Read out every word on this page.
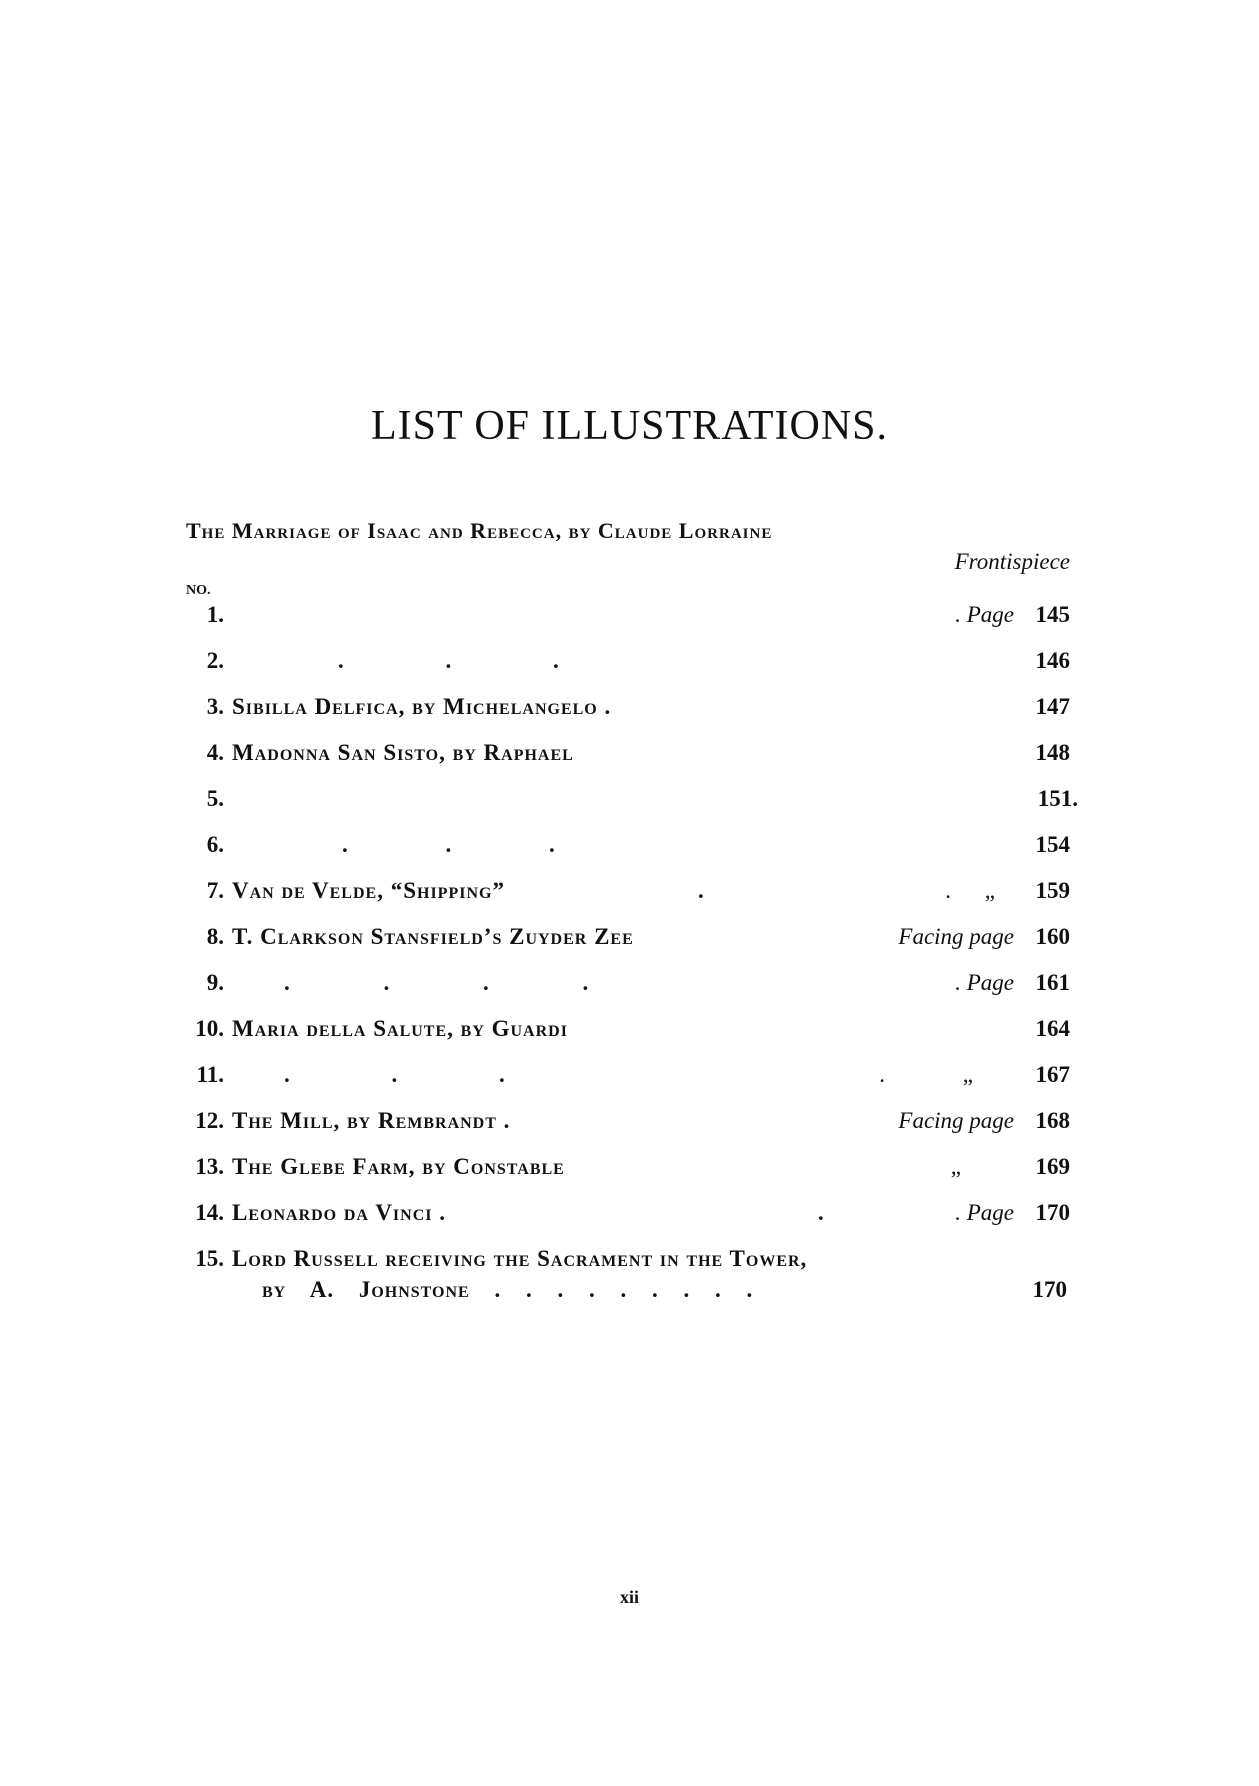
LIST OF ILLUSTRATIONS.
The Marriage of Isaac and Rebecca, by Claude Lorraine
Frontispiece
NO.
1.	. Page 145
2.	. . .	146
3. Sibilla Delfica, by Michelangelo .	147
4. Madonna San Sisto, by Raphael	148
5.	151.
6.	. . .	154
7. Van de Velde, “Shipping”	.	. „	159
8. T. Clarkson Stansfield’s Zuyder Zee	Facing page 160
9.	. . . .	. Page 161
10. Maria della Salute, by Guardi	164
11.	. . .	. „	167
12. The Mill, by Rembrandt .	Facing page 168
13. The Glebe Farm, by Constable	„	169
14. Leonardo da Vinci .	.	. Page 170
15. Lord Russell receiving the Sacrament in the Tower,
by A. Johnstone . . . . . . . . .	170
xii
